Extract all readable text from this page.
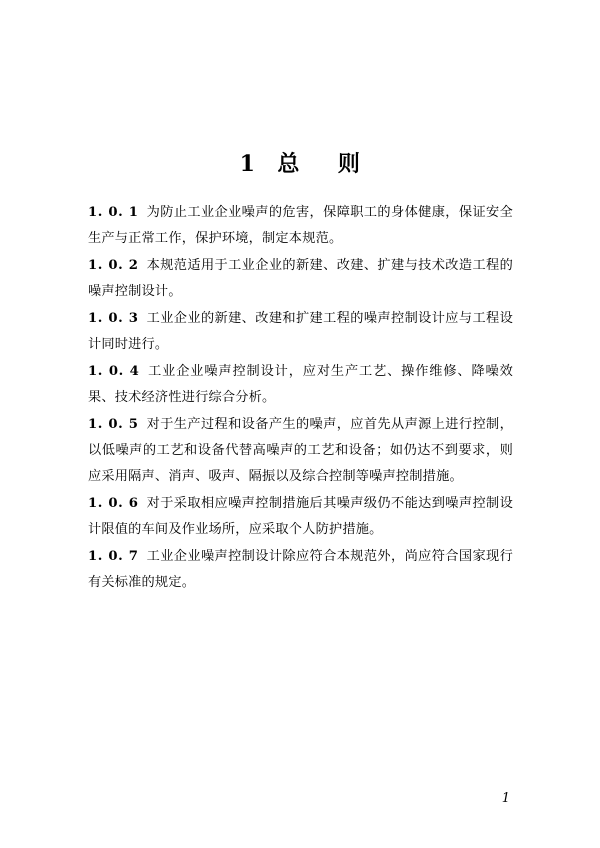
1 总 则

1. 0. 1 为防止工业企业噪声的危害，保障职工的身体健康，保证安全生产与正常工作，保护环境，制定本规范。

1. 0. 2 本规范适用于工业企业的新建、改建、扩建与技术改造工程的噪声控制设计。

1. 0. 3 工业企业的新建、改建和扩建工程的噪声控制设计应与工程设计同时进行。

1. 0. 4 工业企业噪声控制设计，应对生产工艺、操作维修、降噪效果、技术经济性进行综合分析。

1. 0. 5 对于生产过程和设备产生的噪声，应首先从声源上进行控制，以低噪声的工艺和设备代替高噪声的工艺和设备；如仍达不到要求，则应采用隔声、消声、吸声、隔振以及综合控制等噪声控制措施。

1. 0. 6 对于采取相应噪声控制措施后其噪声级仍不能达到噪声控制设计限值的车间及作业场所，应采取个人防护措施。

1. 0. 7 工业企业噪声控制设计除应符合本规范外，尚应符合国家现行有关标准的规定。

1
